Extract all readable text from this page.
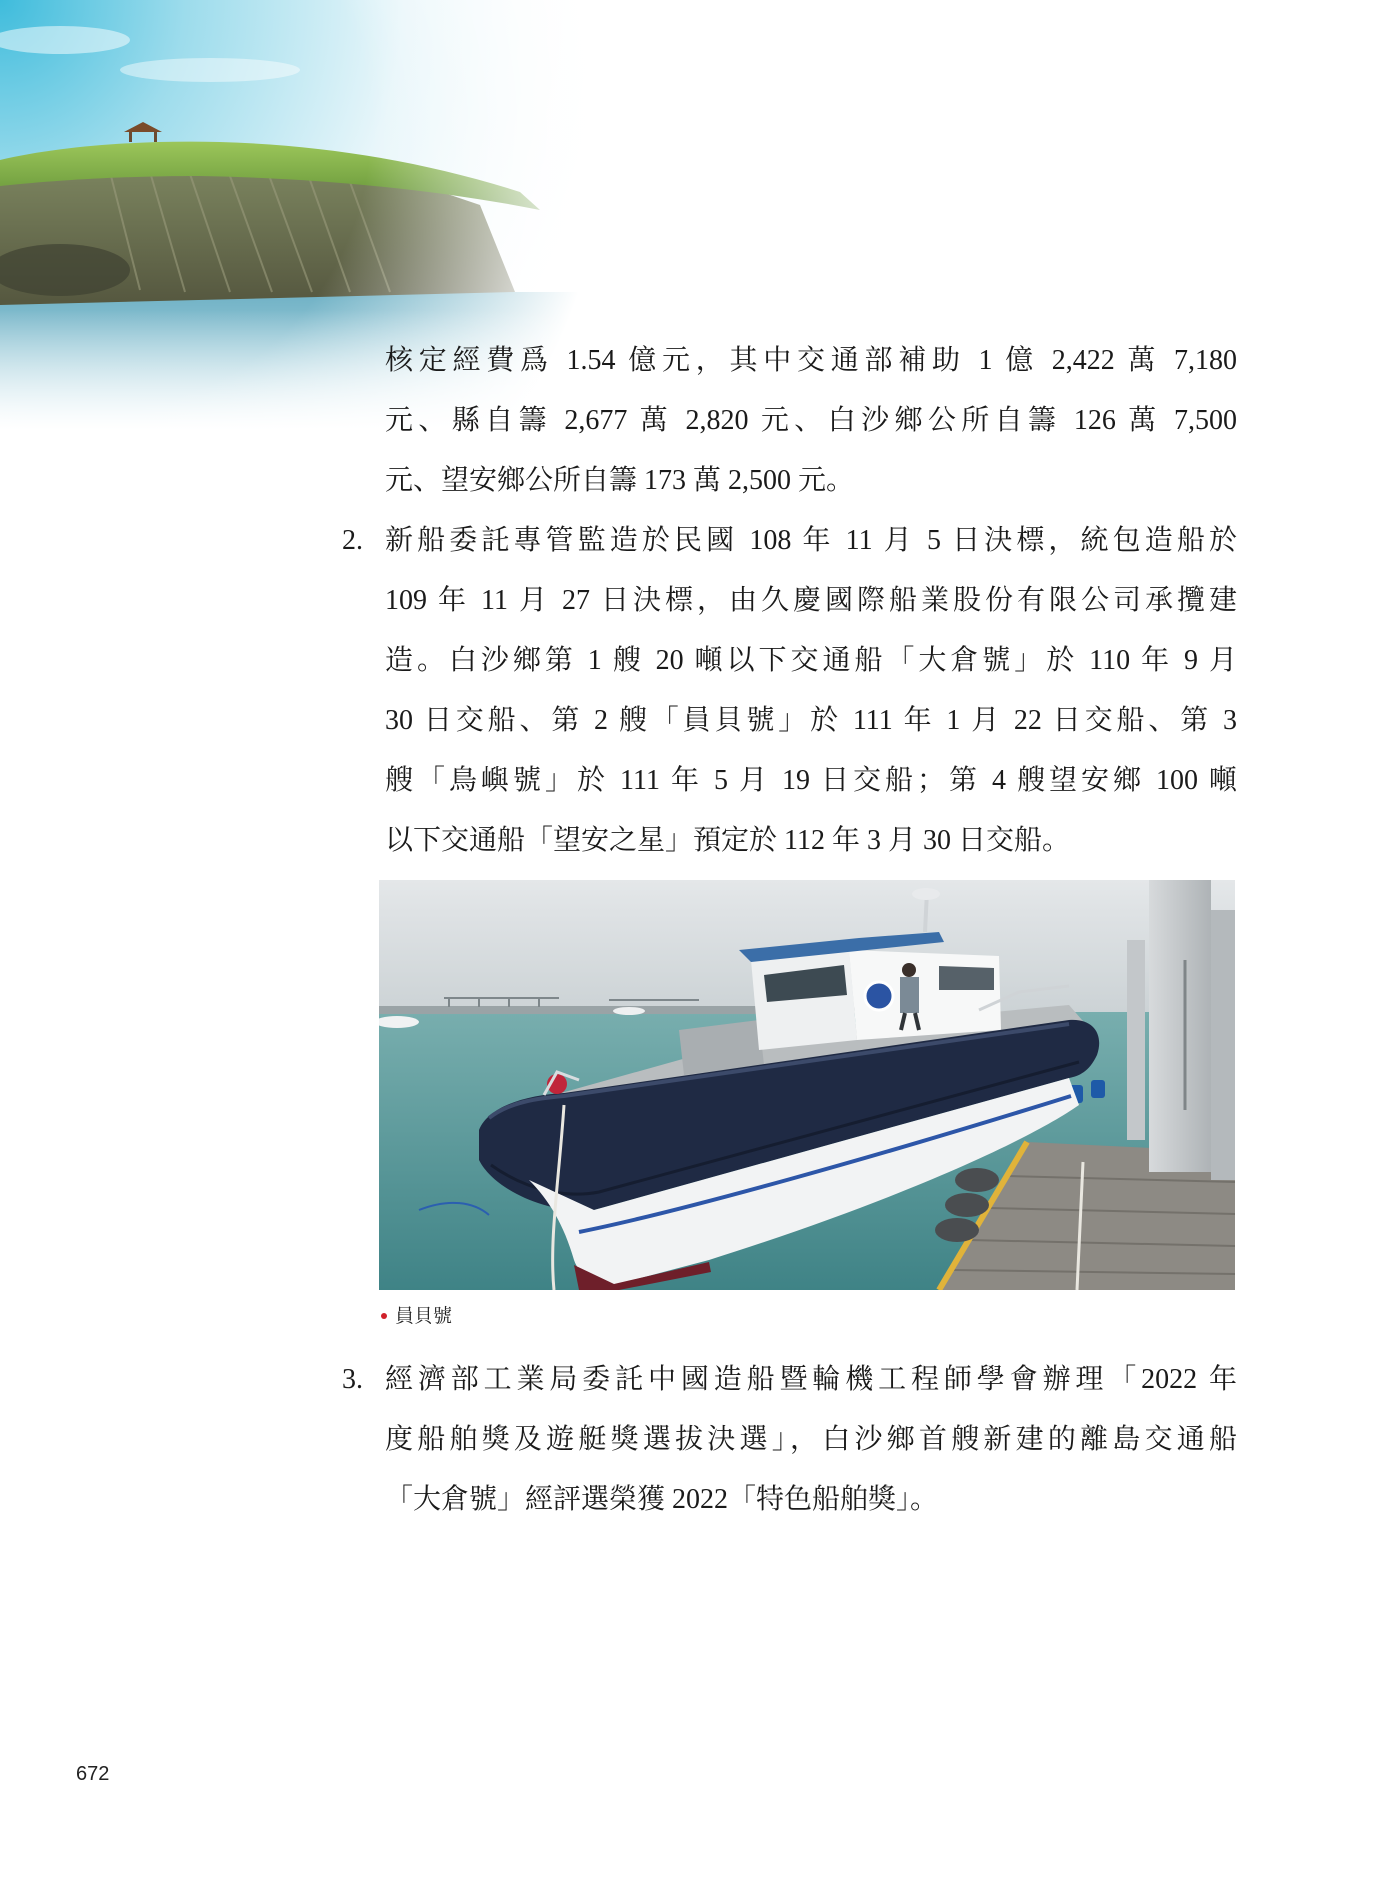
核定經費爲 1.54 億元，其中交通部補助 1 億 2,422 萬 7,180
元、縣自籌 2,677 萬 2,820 元、白沙鄉公所自籌 126 萬 7,500
元、望安鄉公所自籌 173 萬 2,500 元。
2. 新船委託專管監造於民國 108 年 11 月 5 日決標，統包造船於
109 年 11 月 27 日決標，由久慶國際船業股份有限公司承攬建
造。白沙鄉第 1 艘 20 噸以下交通船「大倉號」於 110 年 9 月
30 日交船、第 2 艘「員貝號」於 111 年 1 月 22 日交船、第 3
艘「鳥嶼號」於 111 年 5 月 19 日交船；第 4 艘望安鄉 100 噸
以下交通船「望安之星」預定於 112 年 3 月 30 日交船。
員貝號
3. 經濟部工業局委託中國造船暨輪機工程師學會辦理「2022 年
度船舶獎及遊艇獎選拔決選」，白沙鄉首艘新建的離島交通船
「大倉號」經評選榮獲 2022「特色船舶獎」。
672
